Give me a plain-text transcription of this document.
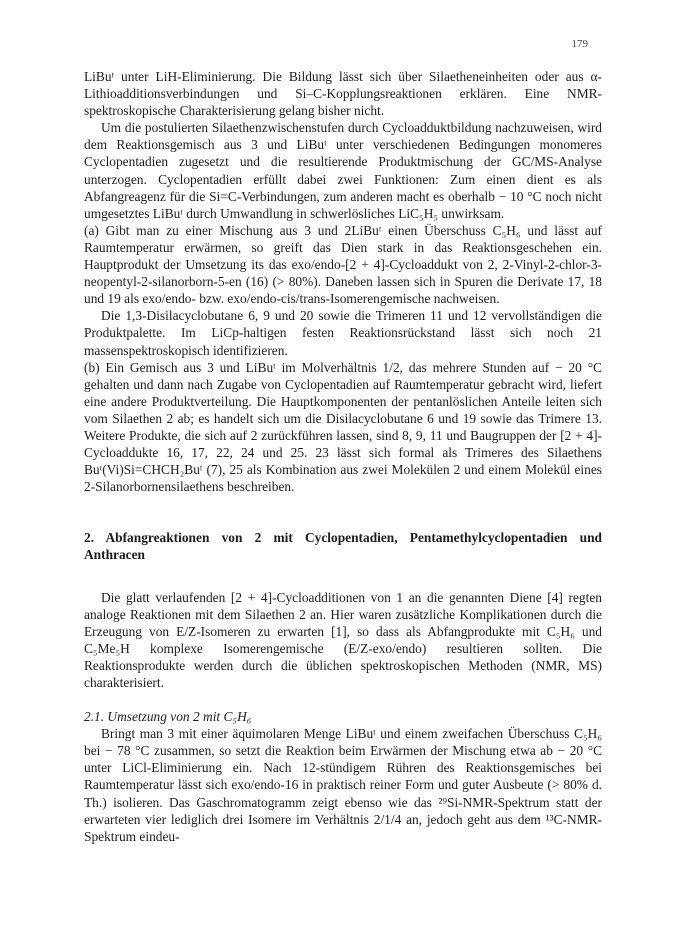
179

LiBuᵗ unter LiH-Eliminierung. Die Bildung lässt sich über Silaetheneinheiten oder aus α-Lithioadditionsverbindungen und Si–C-Kopplungsreaktionen erklären. Eine NMR-spektroskopische Charakterisierung gelang bisher nicht.

Um die postulierten Silaethenzwischenstufen durch Cycloadduktbildung nachzuweisen, wird dem Reaktionsgemisch aus 3 und LiBuᵗ unter verschiedenen Bedingungen monomeres Cyclopentadien zugesetzt und die resultierende Produktmischung der GC/MS-Analyse unterzogen. Cyclopentadien erfüllt dabei zwei Funktionen: Zum einen dient es als Abfangreagenz für die Si=C-Verbindungen, zum anderen macht es oberhalb − 10 °C noch nicht umgesetztes LiBuᵗ durch Umwandlung in schwerlösliches LiC₅H₅ unwirksam.

(a) Gibt man zu einer Mischung aus 3 und 2LiBuᵗ einen Überschuss C₅H₆ und lässt auf Raumtemperatur erwärmen, so greift das Dien stark in das Reaktionsgeschehen ein. Hauptprodukt der Umsetzung its das exo/endo-[2 + 4]-Cycloaddukt von 2, 2-Vinyl-2-chlor-3-neopentyl-2-silanorborn-5-en (16) (> 80%). Daneben lassen sich in Spuren die Derivate 17, 18 und 19 als exo/endo- bzw. exo/endo-cis/trans-Isomerengemische nachweisen.

Die 1,3-Disilacyclobutane 6, 9 und 20 sowie die Trimeren 11 und 12 vervollständigen die Produktpalette. Im LiCp-haltigen festen Reaktionsrückstand lässt sich noch 21 massenspektroskopisch identifizieren.

(b) Ein Gemisch aus 3 und LiBuᵗ im Molverhältnis 1/2, das mehrere Stunden auf − 20 °C gehalten und dann nach Zugabe von Cyclopentadien auf Raumtemperatur gebracht wird, liefert eine andere Produktverteilung. Die Hauptkomponenten der pentanlöslichen Anteile leiten sich vom Silaethen 2 ab; es handelt sich um die Disilacyclobutane 6 und 19 sowie das Trimere 13. Weitere Produkte, die sich auf 2 zurückführen lassen, sind 8, 9, 11 und Baugruppen der [2 + 4]-Cycloaddukte 16, 17, 22, 24 und 25. 23 lässt sich formal als Trimeres des Silaethens Buᵗ(Vi)Si=CHCH₂Buᵗ (7), 25 als Kombination aus zwei Molekülen 2 und einem Molekül eines 2-Silanorbornensilaethens beschreiben.

2. Abfangreaktionen von 2 mit Cyclopentadien, Pentamethylcyclopentadien und Anthracen

Die glatt verlaufenden [2 + 4]-Cycloadditionen von 1 an die genannten Diene [4] regten analoge Reaktionen mit dem Silaethen 2 an. Hier waren zusätzliche Komplikationen durch die Erzeugung von E/Z-Isomeren zu erwarten [1], so dass als Abfangprodukte mit C₅H₆ und C₅Me₅H komplexe Isomerengemische (E/Z-exo/endo) resultieren sollten. Die Reaktionsprodukte werden durch die üblichen spektroskopischen Methoden (NMR, MS) charakterisiert.

2.1. Umsetzung von 2 mit C₅H₆

Bringt man 3 mit einer äquimolaren Menge LiBuᵗ und einem zweifachen Überschuss C₅H₆ bei − 78 °C zusammen, so setzt die Reaktion beim Erwärmen der Mischung etwa ab − 20 °C unter LiCl-Eliminierung ein. Nach 12-stündigem Rühren des Reaktionsgemisches bei Raumtemperatur lässt sich exo/endo-16 in praktisch reiner Form und guter Ausbeute (> 80% d. Th.) isolieren. Das Gaschromatogramm zeigt ebenso wie das ²⁹Si-NMR-Spektrum statt der erwarteten vier lediglich drei Isomere im Verhältnis 2/1/4 an, jedoch geht aus dem ¹³C-NMR-Spektrum eindeu-
